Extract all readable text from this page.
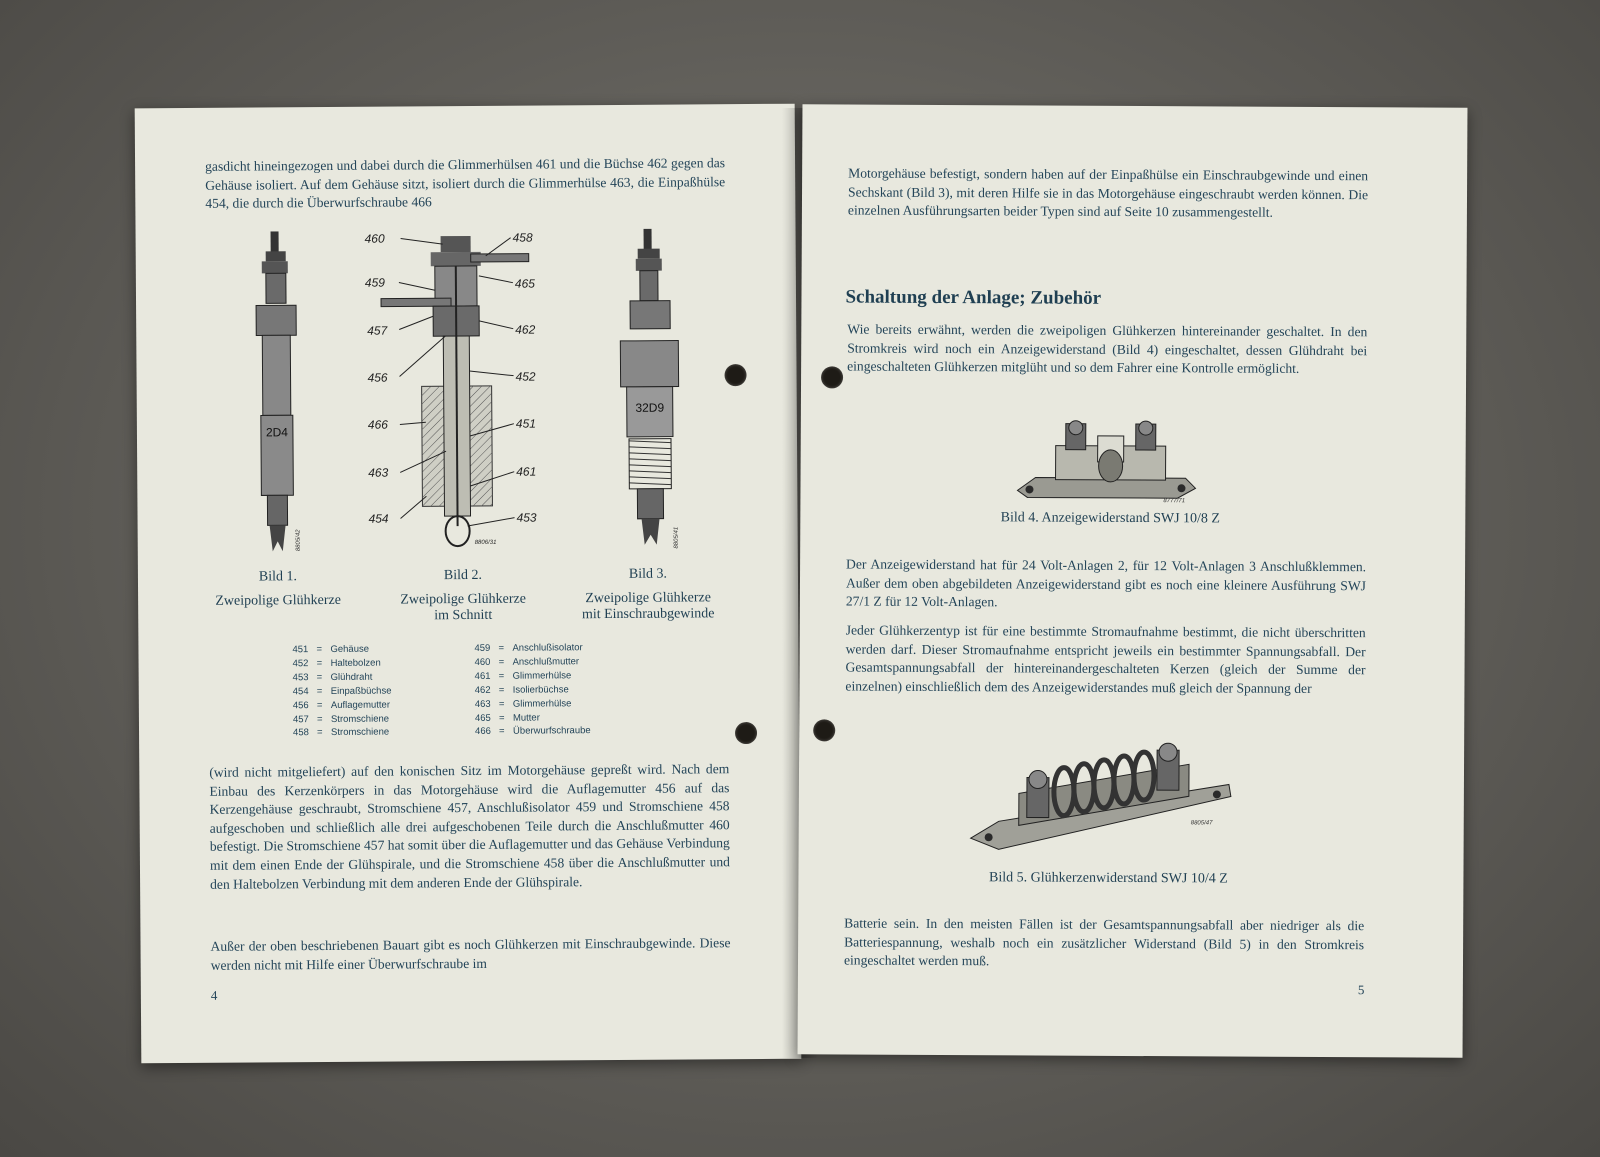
gasdicht hineingezogen und dabei durch die Glimmerhülsen 461 und die Büchse 462 gegen das Gehäuse isoliert. Auf dem Gehäuse sitzt, isoliert durch die Glimmerhülse 463, die Einpaßhülse 454, die durch die Überwurfschraube 466

2D4
8805/42
460	458
459	465
457	462
456	452
466	451
463	461
454	453
8806/31
32D9
8805/41
Bild 1.
Zweipolige Glühkerze
Bild 2.
Zweipolige Glühkerze
im Schnitt
Bild 3.
Zweipolige Glühkerze
mit Einschraubgewinde
451 = Gehäuse
452 = Haltebolzen
453 = Glühdraht
454 = Einpaßbüchse
456 = Auflagemutter
457 = Stromschiene
458 = Stromschiene
459 = Anschlußisolator
460 = Anschlußmutter
461 = Glimmerhülse
462 = Isolierbüchse
463 = Glimmerhülse
465 = Mutter
466 = Überwurfschraube

(wird nicht mitgeliefert) auf den konischen Sitz im Motorgehäuse gepreßt wird. Nach dem Einbau des Kerzenkörpers in das Motorgehäuse wird die Auflagemutter 456 auf das Kerzengehäuse geschraubt, Stromschiene 457, Anschlußisolator 459 und Stromschiene 458 aufgeschoben und schließlich alle drei aufgeschobenen Teile durch die Anschlußmutter 460 befestigt. Die Stromschiene 457 hat somit über die Auflagemutter und das Gehäuse Verbindung mit dem einen Ende der Glühspirale, und die Stromschiene 458 über die Anschlußmutter und den Haltebolzen Verbindung mit dem anderen Ende der Glühspirale.

Außer der oben beschriebenen Bauart gibt es noch Glühkerzen mit Einschraubgewinde. Diese werden nicht mit Hilfe einer Überwurfschraube im

4

Motorgehäuse befestigt, sondern haben auf der Einpaßhülse ein Einschraubgewinde und einen Sechskant (Bild 3), mit deren Hilfe sie in das Motorgehäuse eingeschraubt werden können. Die einzelnen Ausführungsarten beider Typen sind auf Seite 10 zusammengestellt.

Schaltung der Anlage; Zubehör

Wie bereits erwähnt, werden die zweipoligen Glühkerzen hintereinander geschaltet. In den Stromkreis wird noch ein Anzeigewiderstand (Bild 4) eingeschaltet, dessen Glühdraht bei eingeschalteten Glühkerzen mitglüht und so dem Fahrer eine Kontrolle ermöglicht.

8777/71
Bild 4. Anzeigewiderstand SWJ 10/8 Z

Der Anzeigewiderstand hat für 24 Volt-Anlagen 2, für 12 Volt-Anlagen 3 Anschlußklemmen. Außer dem oben abgebildeten Anzeigewiderstand gibt es noch eine kleinere Ausführung SWJ 27/1 Z für 12 Volt-Anlagen.

Jeder Glühkerzentyp ist für eine bestimmte Stromaufnahme bestimmt, die nicht überschritten werden darf. Dieser Stromaufnahme entspricht jeweils ein bestimmter Spannungsabfall. Der Gesamtspannungsabfall der hintereinandergeschalteten Kerzen (gleich der Summe der einzelnen) einschließlich dem des Anzeigewiderstandes muß gleich der Spannung der

8805/47
Bild 5. Glühkerzenwiderstand SWJ 10/4 Z

Batterie sein. In den meisten Fällen ist der Gesamtspannungsabfall aber niedriger als die Batteriespannung, weshalb noch ein zusätzlicher Widerstand (Bild 5) in den Stromkreis eingeschaltet werden muß.

5
